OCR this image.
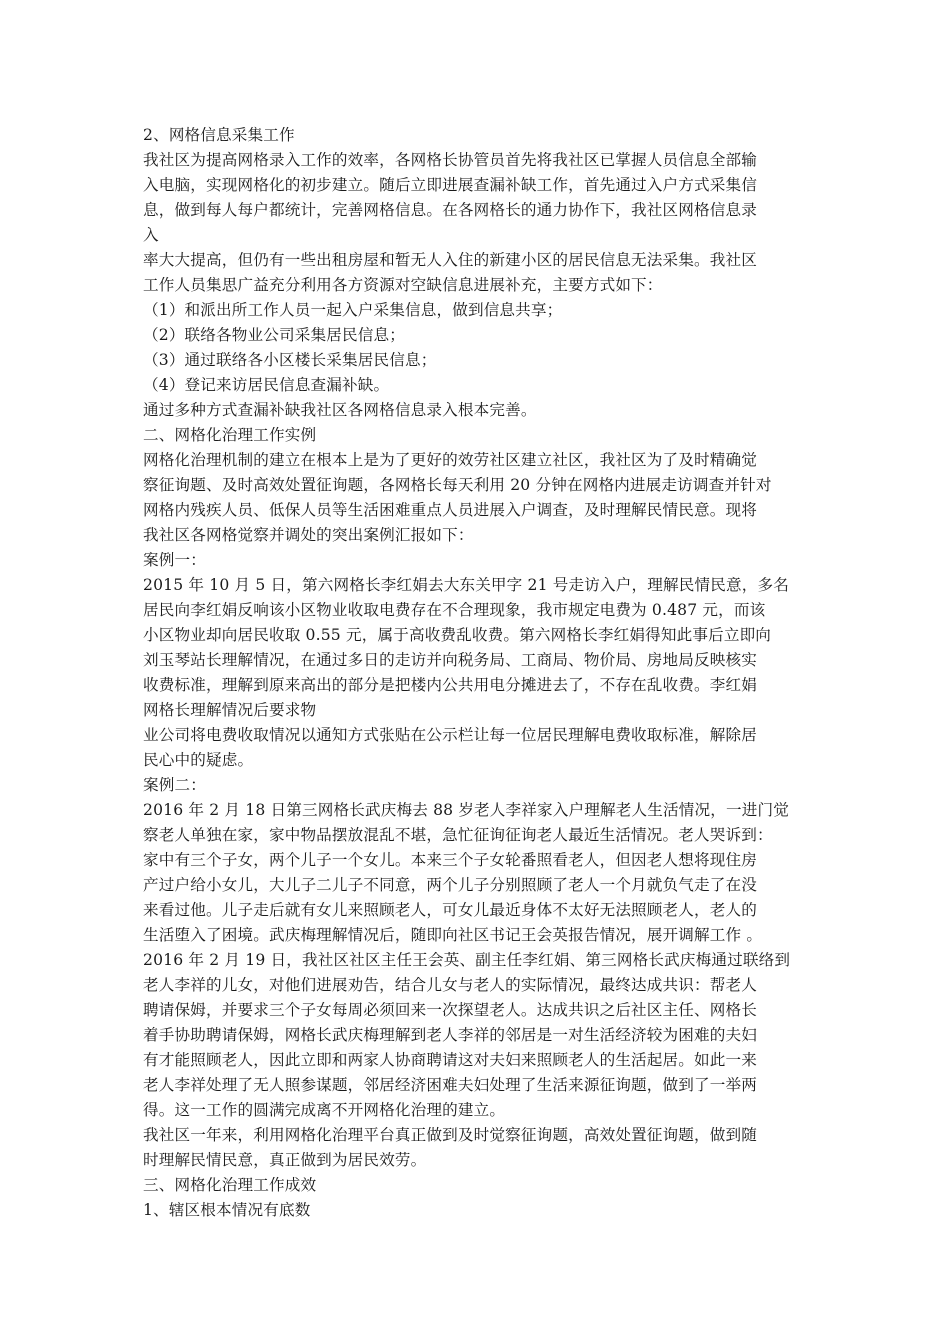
2、网格信息采集工作
我社区为提高网格录入工作的效率，各网格长协管员首先将我社区已掌握人员信息全部输
入电脑，实现网格化的初步建立。随后立即进展查漏补缺工作，首先通过入户方式采集信
息，做到每人每户都统计，完善网格信息。在各网格长的通力协作下，我社区网格信息录
入
率大大提高，但仍有一些出租房屋和暂无人入住的新建小区的居民信息无法采集。我社区
工作人员集思广益充分利用各方资源对空缺信息进展补充，主要方式如下：
（1）和派出所工作人员一起入户采集信息，做到信息共享；
（2）联络各物业公司采集居民信息；
（3）通过联络各小区楼长采集居民信息；
（4）登记来访居民信息查漏补缺。
通过多种方式查漏补缺我社区各网格信息录入根本完善。
二、网格化治理工作实例
网格化治理机制的建立在根本上是为了更好的效劳社区建立社区，我社区为了及时精确觉
察征询题、及时高效处置征询题，各网格长每天利用 20 分钟在网格内进展走访调查并针对
网格内残疾人员、低保人员等生活困难重点人员进展入户调查，及时理解民情民意。现将
我社区各网格觉察并调处的突出案例汇报如下：
案例一：
2015 年 10 月 5 日，第六网格长李红娟去大东关甲字 21 号走访入户，理解民情民意，多名
居民向李红娟反响该小区物业收取电费存在不合理现象，我市规定电费为 0.487 元，而该
小区物业却向居民收取 0.55 元，属于高收费乱收费。第六网格长李红娟得知此事后立即向
刘玉琴站长理解情况，在通过多日的走访并向税务局、工商局、物价局、房地局反映核实
收费标准，理解到原来高出的部分是把楼内公共用电分摊进去了，不存在乱收费。李红娟
网格长理解情况后要求物
业公司将电费收取情况以通知方式张贴在公示栏让每一位居民理解电费收取标准，解除居
民心中的疑虑。
案例二：
2016 年 2 月 18 日第三网格长武庆梅去 88 岁老人李祥家入户理解老人生活情况，一进门觉
察老人单独在家，家中物品摆放混乱不堪，急忙征询征询老人最近生活情况。老人哭诉到：
家中有三个子女，两个儿子一个女儿。本来三个子女轮番照看老人，但因老人想将现住房
产过户给小女儿，大儿子二儿子不同意，两个儿子分别照顾了老人一个月就负气走了在没
来看过他。儿子走后就有女儿来照顾老人，可女儿最近身体不太好无法照顾老人，老人的
生活堕入了困境。武庆梅理解情况后，随即向社区书记王会英报告情况，展开调解工作 。
2016 年 2 月 19 日，我社区社区主任王会英、副主任李红娟、第三网格长武庆梅通过联络到
老人李祥的儿女，对他们进展劝告，结合儿女与老人的实际情况，最终达成共识：帮老人
聘请保姆，并要求三个子女每周必须回来一次探望老人。达成共识之后社区主任、网格长
着手协助聘请保姆，网格长武庆梅理解到老人李祥的邻居是一对生活经济较为困难的夫妇
有才能照顾老人，因此立即和两家人协商聘请这对夫妇来照顾老人的生活起居。如此一来
老人李祥处理了无人照参谋题，邻居经济困难夫妇处理了生活来源征询题，做到了一举两
得。这一工作的圆满完成离不开网格化治理的建立。
我社区一年来，利用网格化治理平台真正做到及时觉察征询题，高效处置征询题，做到随
时理解民情民意，真正做到为居民效劳。
三、网格化治理工作成效
1、辖区根本情况有底数
